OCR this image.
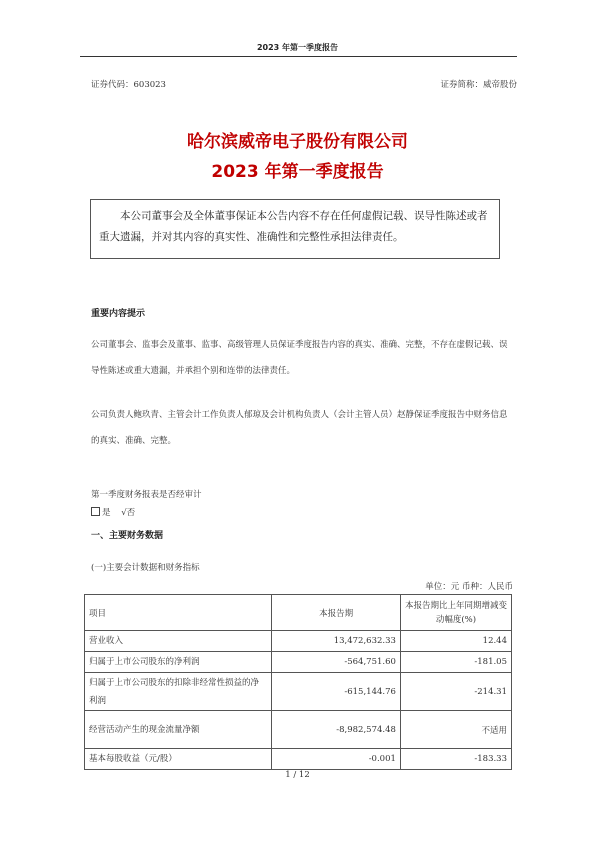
2023 年第一季度报告
证券代码：603023	证券简称：威帝股份
哈尔滨威帝电子股份有限公司
2023 年第一季度报告
本公司董事会及全体董事保证本公告内容不存在任何虚假记载、误导性陈述或者重大遗漏，并对其内容的真实性、准确性和完整性承担法律责任。
重要内容提示
公司董事会、监事会及董事、监事、高级管理人员保证季度报告内容的真实、准确、完整，不存在虚假记载、误导性陈述或重大遗漏，并承担个别和连带的法律责任。
公司负责人鲍玖青、主管会计工作负责人郁琼及会计机构负责人（会计主管人员）赵静保证季度报告中财务信息的真实、准确、完整。
第一季度财务报表是否经审计
是 √否
一、主要财务数据
(一)主要会计数据和财务指标
单位：元 币种：人民币
项目	本报告期	本报告期比上年同期增减变动幅度(%)
营业收入	13,472,632.33	12.44
归属于上市公司股东的净利润	-564,751.60	-181.05
归属于上市公司股东的扣除非经常性损益的净利润	-615,144.76	-214.31
经营活动产生的现金流量净额	-8,982,574.48	不适用
基本每股收益（元/股）	-0.001	-183.33
1 / 12
